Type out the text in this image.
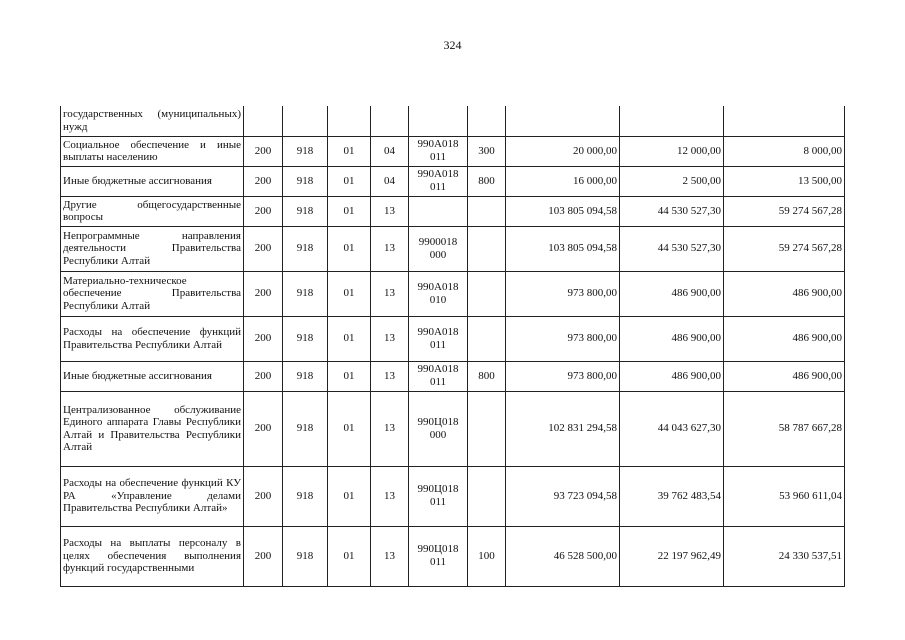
324
государственных (муниципальных) нужд									
Социальное обеспечение и иные выплаты населению	200	918	01	04	990А018 011	300	20 000,00	12 000,00	8 000,00
Иные бюджетные ассигнования	200	918	01	04	990А018 011	800	16 000,00	2 500,00	13 500,00
Другие общегосударственные вопросы	200	918	01	13			103 805 094,58	44 530 527,30	59 274 567,28
Непрограммные направления деятельности Правительства Республики Алтай	200	918	01	13	9900018 000		103 805 094,58	44 530 527,30	59 274 567,28
Материально-техническое обеспечение Правительства Республики Алтай	200	918	01	13	990А018 010		973 800,00	486 900,00	486 900,00
Расходы на обеспечение функций Правительства Республики Алтай	200	918	01	13	990А018 011		973 800,00	486 900,00	486 900,00
Иные бюджетные ассигнования	200	918	01	13	990А018 011	800	973 800,00	486 900,00	486 900,00
Централизованное обслуживание Единого аппарата Главы Республики Алтай и Правительства Республики Алтай	200	918	01	13	990Ц018 000		102 831 294,58	44 043 627,30	58 787 667,28
Расходы на обеспечение функций КУ РА «Управление делами Правительства Республики Алтай»	200	918	01	13	990Ц018 011		93 723 094,58	39 762 483,54	53 960 611,04
Расходы на выплаты персоналу в целях обеспечения выполнения функций государственными	200	918	01	13	990Ц018 011	100	46 528 500,00	22 197 962,49	24 330 537,51
